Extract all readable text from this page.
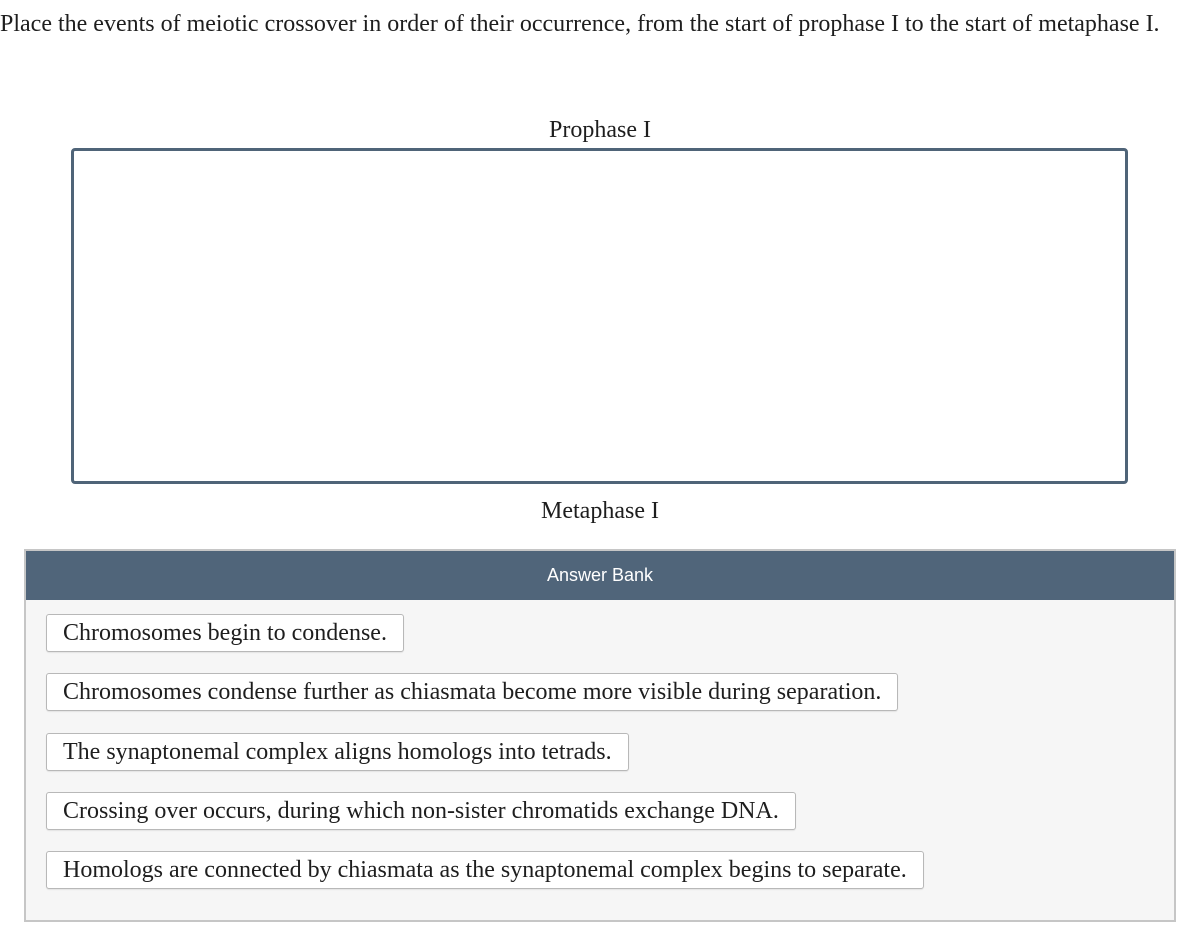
Place the events of meiotic crossover in order of their occurrence, from the start of prophase I to the start of metaphase I.
Prophase I
Metaphase I
Answer Bank
Chromosomes begin to condense.
Chromosomes condense further as chiasmata become more visible during separation.
The synaptonemal complex aligns homologs into tetrads.
Crossing over occurs, during which non-sister chromatids exchange DNA.
Homologs are connected by chiasmata as the synaptonemal complex begins to separate.
